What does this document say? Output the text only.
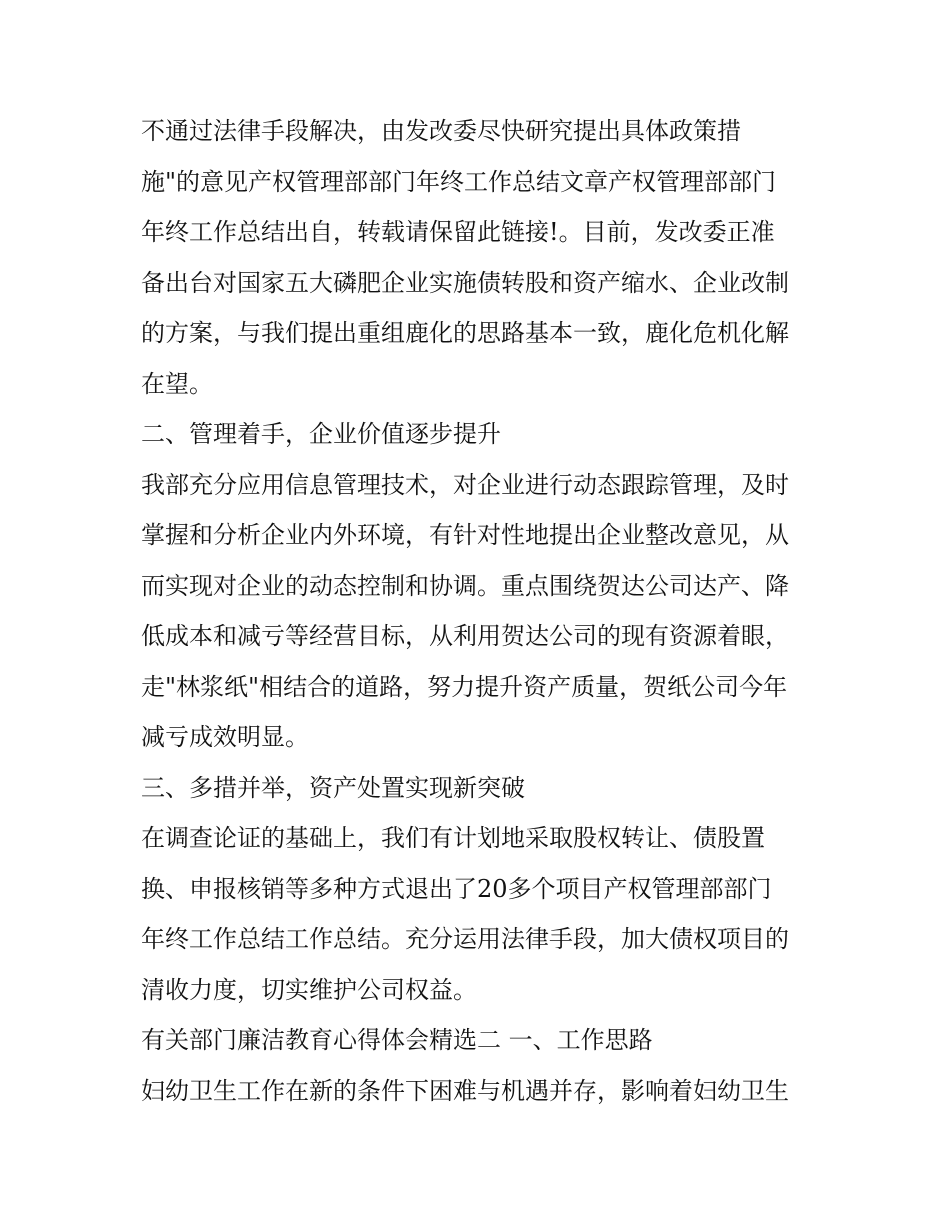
不通过法律手段解决，由发改委尽快研究提出具体政策措
施"的意见产权管理部部门年终工作总结文章产权管理部部门
年终工作总结出自，转载请保留此链接!。目前，发改委正准
备出台对国家五大磷肥企业实施债转股和资产缩水、企业改制
的方案，与我们提出重组鹿化的思路基本一致，鹿化危机化解
在望。
二、管理着手，企业价值逐步提升
我部充分应用信息管理技术，对企业进行动态跟踪管理，及时
掌握和分析企业内外环境，有针对性地提出企业整改意见，从
而实现对企业的动态控制和协调。重点围绕贺达公司达产、降
低成本和减亏等经营目标，从利用贺达公司的现有资源着眼，
走"林浆纸"相结合的道路，努力提升资产质量，贺纸公司今年
减亏成效明显。
三、多措并举，资产处置实现新突破
在调查论证的基础上，我们有计划地采取股权转让、债股置
换、申报核销等多种方式退出了20多个项目产权管理部部门
年终工作总结工作总结。充分运用法律手段，加大债权项目的
清收力度，切实维护公司权益。
有关部门廉洁教育心得体会精选二 一、工作思路
妇幼卫生工作在新的条件下困难与机遇并存，影响着妇幼卫生
